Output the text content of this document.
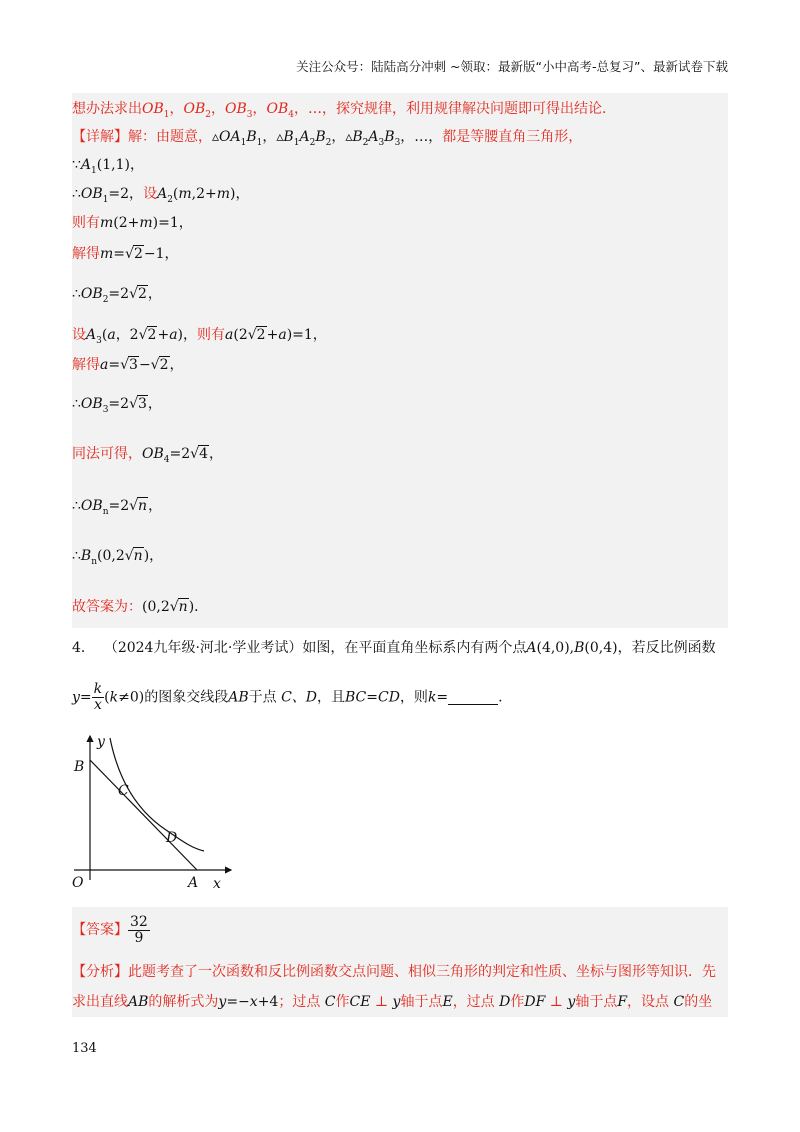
关注公众号：陆陆高分冲刺 ~领取：最新版“小中高考-总复习”、最新试卷下载
想办法求出$OB_1$，$OB_2$，$OB_3$，$OB_4$，…，探究规律，利用规律解决问题即可得出结论．
【详解】解：由题意，$▵OA_1B_1$，$▵B_1A_2B_2$，$▵B_2A_3B_3$，…，都是等腰直角三角形，
$\because A_1(1,1)$，
$\therefore OB_1=2$，设$A_2(m,2+m)$，
则有m(2+m)=1，
解得m=√2−1，
$\therefore OB_2=2√2$，
设$A_3(a$，2√2+a)，则有a(2√2+a)=1，
解得a=√3−√2，
$\therefore OB_3=2√3$，
同法可得，$OB_4=2√4$，
$\therefore OB_n=2√n$，
$\therefore B_n(0,2√n)$，
故答案为：(0,2√n)．
4． （2024九年级·河北·学业考试）如图，在平面直角坐标系内有两个点A(4,0),B(0,4)，若反比例函数
$y= \frac{k}{x} (k\ne 0)$的图象交线段AB于点 C、D，且BC=CD，则k=	.
y
B
C
D
O	A x
【答案】 $\frac{32}{9}$
【分析】此题考查了一次函数和反比例函数交点问题、相似三角形的判定和性质、坐标与图形等知识．先
求出直线AB的解析式为y=−x+4；过点 C作CE ⊥ y轴于点E，过点 D作DF ⊥ y轴于点F，设点 C的坐
134
